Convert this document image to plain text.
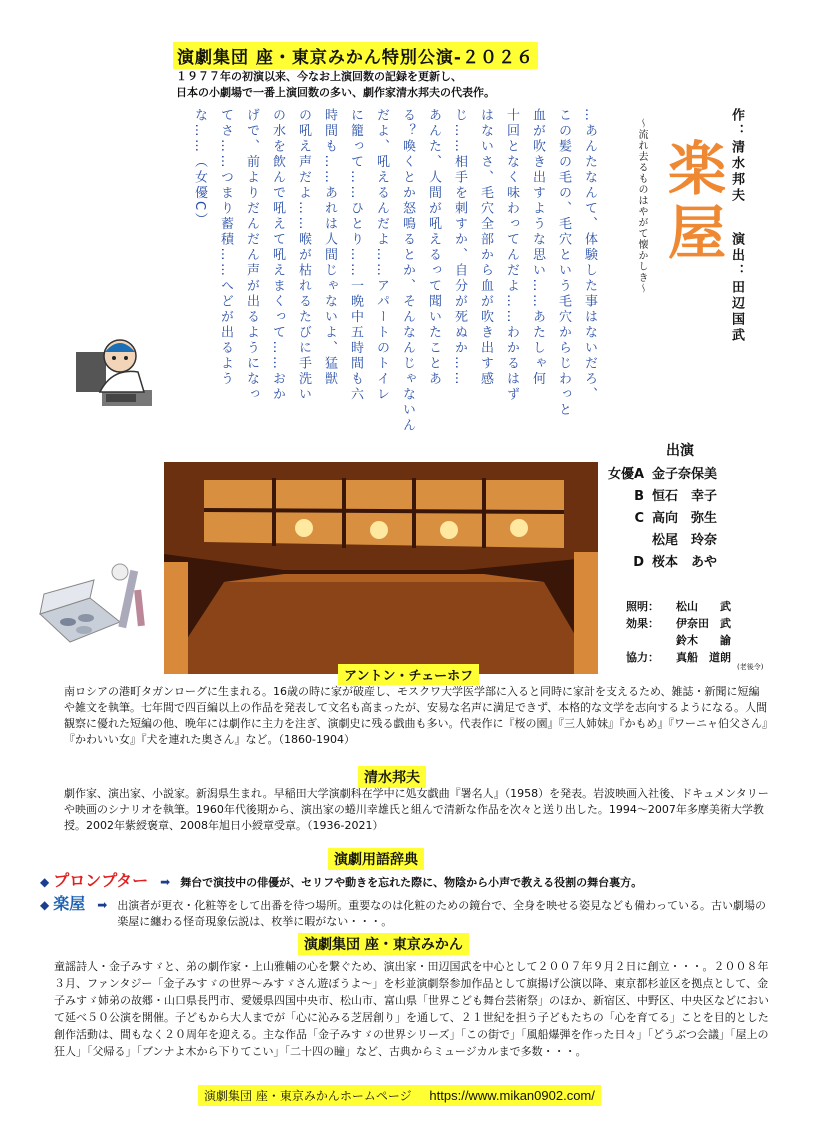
演劇集団 座・東京みかん特別公演-２０２６
１９７７年の初演以来、今なお上演回数の記録を更新し、
日本の小劇場で一番上演回数の多い、劇作家清水邦夫の代表作。
…あんたなんて、体験した事はないだろ、
この髪の毛の、毛穴という毛穴からじわっと
血が吹き出すような思い……あたしゃ何
十回となく味わってんだよ……わかるはず
はないさ、毛穴全部から血が吹き出す感
じ……相手を刺すか、自分が死ぬか……
あんた、人間が吼えるって聞いたことあ
る？喚くとか怒鳴るとか、そんなんじゃないん
だよ、吼えるんだよ……アパートのトイレ
に籠って……ひとり……一晩中五時間も六
時間も……あれは人間じゃないよ、猛獣
の吼え声だよ……喉が枯れるたびに手洗い
の水を飲んで吼えて吼えまくって……おか
げで、前よりだんだん声が出るようになっ
てさ……つまり蓄積……へどが出るよう
な……（女優C）	作：清水邦夫
～流れ去るものはやがて懐かしき～ 楽屋
演出：田辺国武
出演
女優A 金子奈保美
B 恒石　幸子
C 高向　弥生
松尾　玲奈
D 桜本　あや
照明：	松山　　武
効果：	伊奈田　武
鈴木　　諭
協力：	真船　道朗
(老後令)
アントン・チェーホフ
南ロシアの港町タガンローグに生まれる。16歳の時に家が破産し、モスクワ大学医学部に入ると同時に家計を支えるため、雑誌・新聞に短編や雑文を執筆。七年間で四百編以上の作品を発表して文名も高まったが、安易な名声に満足できず、本格的な文学を志向するようになる。人間観察に優れた短編の他、晩年には劇作に主力を注ぎ、演劇史に残る戯曲も多い。代表作に『桜の園』『三人姉妹』『かもめ』『ワーニャ伯父さん』『かわいい女』『犬を連れた奥さん』など。（1860-1904）
清水邦夫
劇作家、演出家、小説家。新潟県生まれ。早稲田大学演劇科在学中に処女戯曲『署名人』（1958）を発表。岩波映画入社後、ドキュメンタリーや映画のシナリオを執筆。1960年代後期から、演出家の蜷川幸雄氏と組んで清新な作品を次々と送り出した。1994～2007年多摩美術大学教授。2002年紫綬褒章、2008年旭日小綬章受章。（1936-2021）
演劇用語辞典
◆ プロンプター ➡ 舞台で演技中の俳優が、セリフや動きを忘れた際に、物陰から小声で教える役割の舞台裏方。
◆ 楽屋 ➡ 出演者が更衣・化粧等をして出番を待つ場所。重要なのは化粧のための鏡台で、全身を映せる姿見なども備わっている。古い劇場の楽屋に纏わる怪奇現象伝説は、枚挙に暇がない・・・。
演劇集団 座・東京みかん
童謡詩人・金子みすゞと、弟の劇作家・上山雅輔の心を繋ぐため、演出家・田辺国武を中心として２００７年９月２日に創立・・・。２００８年３月、ファンタジー「金子みすゞの世界～みすゞさん遊ぼうよ～」を杉並演劇祭参加作品として旗揚げ公演以降、東京都杉並区を拠点として、金子みすゞ姉弟の故郷・山口県長門市、愛媛県四国中央市、松山市、富山県「世界こども舞台芸術祭」のほか、新宿区、中野区、中央区などにおいて延べ５０公演を開催。子どもから大人までが「心に沁みる芝居創り」を通して、２１世紀を担う子どもたちの「心を育てる」ことを目的とした創作活動は、間もなく２０周年を迎える。主な作品「金子みすゞの世界シリーズ」「この街で」「風船爆弾を作った日々」「どうぶつ会議」「屋上の狂人」「父帰る」「ブンナよ木から下りてこい」「二十四の瞳」など、古典からミュージカルまで多数・・・。
演劇集団 座・東京みかんホームページ https://www.mikan0902.com/
